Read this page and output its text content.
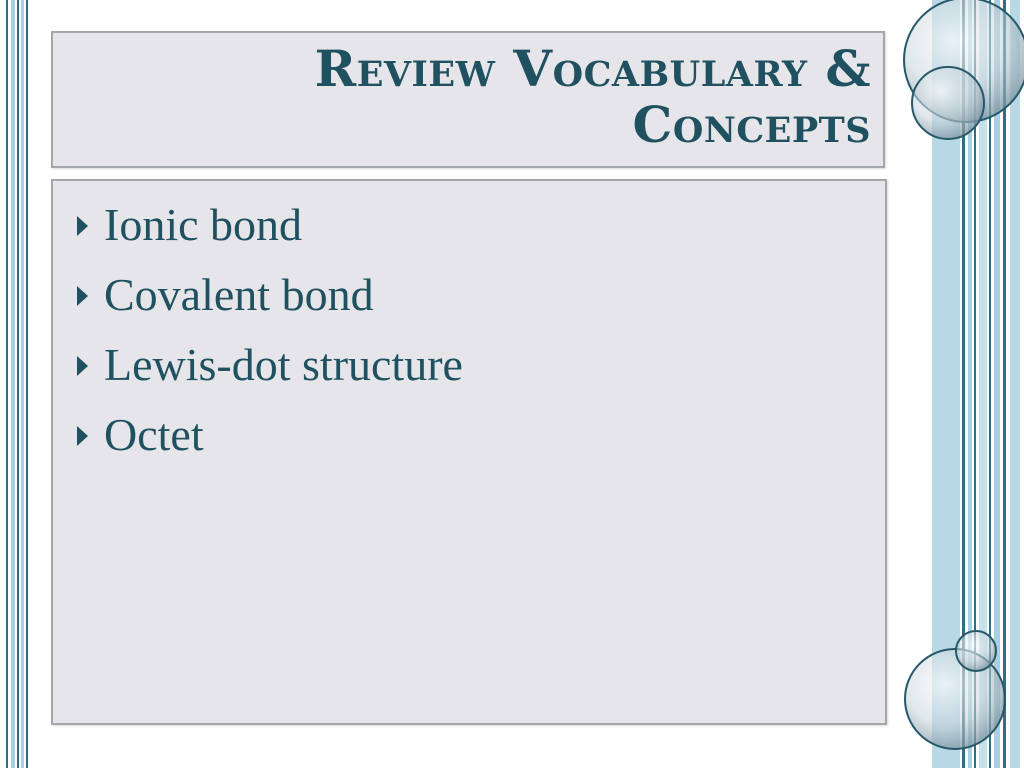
Review Vocabulary &
Concepts
Ionic bond
Covalent bond
Lewis-dot structure
Octet
